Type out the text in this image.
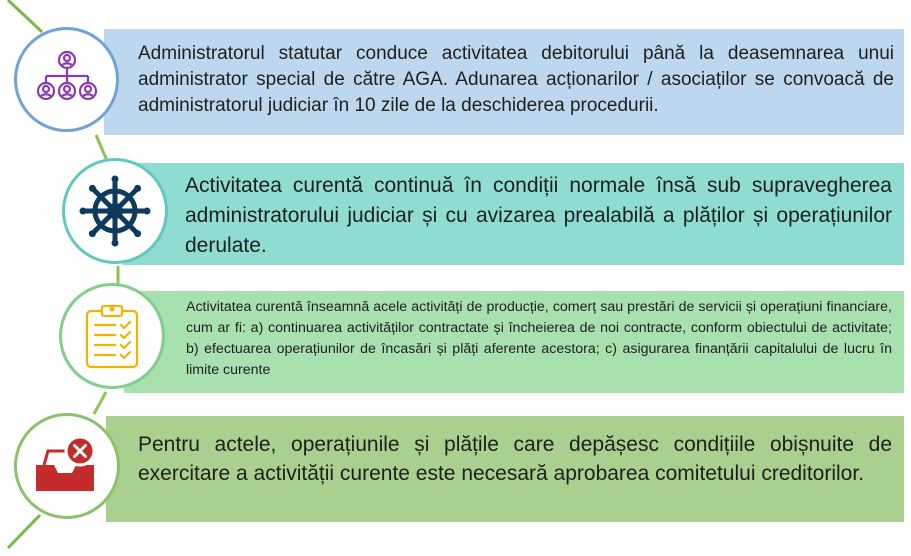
Administratorul statutar conduce activitatea debitorului până la deasemnarea unui administrator special de către AGA. Adunarea acționarilor / asociaților se convoacă de administratorul judiciar în 10 zile de la deschiderea procedurii.
Activitatea curentă continuă în condiții normale însă sub supravegherea administratorului judiciar și cu avizarea prealabilă a plăților și operațiunilor derulate.
Activitatea curentă înseamnă acele activități de producție, comerț sau prestări de servicii și operațiuni financiare, cum ar fi: a) continuarea activităților contractate și încheierea de noi contracte, conform obiectului de activitate; b) efectuarea operațiunilor de încasări și plăți aferente acestora; c) asigurarea finanțării capitalului de lucru în limite curente
Pentru actele, operațiunile și plățile care depășesc condițiile obișnuite de exercitare a activității curente este necesară aprobarea comitetului creditorilor.
